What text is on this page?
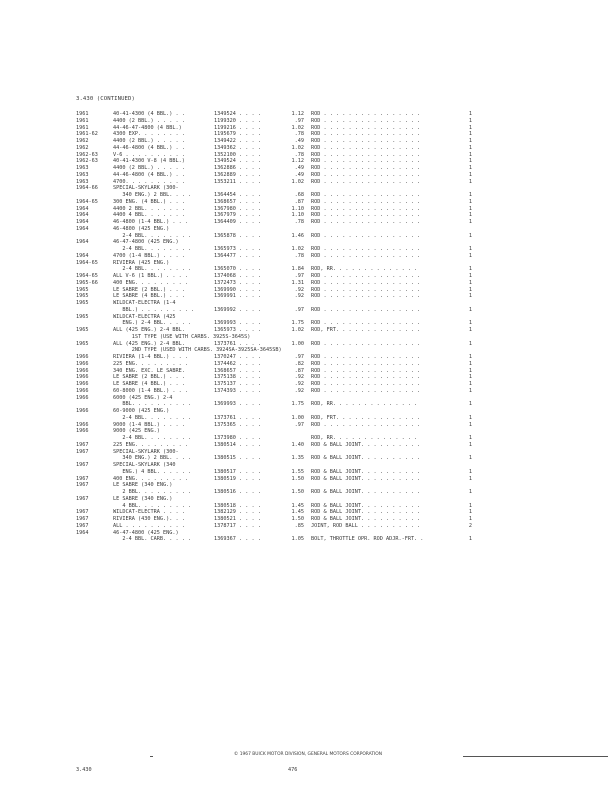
3.430 (CONTINUED)
1961	40-41-4300 (4 BBL.) . .	1349524 . . . .	1.12 ROD . . . . . . . . . . . . . . . .	1
1961	4400 (2 BBL.) . . . . .	1199320 . . . .	.97 ROD . . . . . . . . . . . . . . . .	1
1961	44-46-47-4800 (4 BBL.)	1199216 . . . .	1.02 ROD . . . . . . . . . . . . . . . .	1
1961-62	4300 EXP. . . . . . . .	1195679 . . . .	.78 ROD . . . . . . . . . . . . . . . .	1
1962	4400 (2 BBL.) . . . . .	1349422 . . . .	.49 ROD . . . . . . . . . . . . . . . .	1
1962	44-46-4800 (4 BBL.) . .	1349362 . . . .	1.02 ROD . . . . . . . . . . . . . . . .	1
1962-63	V-6 . . . . . . . . . .	1352100 . . . .	.78 ROD . . . . . . . . . . . . . . . .	1
1962-63	40-41-4300 V-8 (4 BBL.)	1349524 . . . .	1.12 ROD . . . . . . . . . . . . . . . .	1
1963	4400 (2 BBL.) . . . . .	1362886 . . . .	.49 ROD . . . . . . . . . . . . . . . .	1
1963	44-46-4800 (4 BBL.) . .	1362889 . . . .	.49 ROD . . . . . . . . . . . . . . . .	1
1963	4700. . . . . . . . . .	1353211 . . . .	1.02 ROD . . . . . . . . . . . . . . . .	1
1964-66	SPECIAL-SKYLARK (300-
340 ENG.) 2 BBL. . . .	1364454 . . . .	.68 ROD . . . . . . . . . . . . . . . .	1
1964-65	300 ENG. (4 BBL.) . . .	1368657 . . . .	.87 ROD . . . . . . . . . . . . . . . .	1
1964	4400 2 BBL. . . . . . .	1367980 . . . .	1.10 ROD . . . . . . . . . . . . . . . .	1
1964	4400 4 BBL. . . . . . .	1367979 . . . .	1.10 ROD . . . . . . . . . . . . . . . .	1
1964	46-4800 (1-4 BBL.) . . .	1364409 . . . .	.78 ROD . . . . . . . . . . . . . . . .	1
1964	46-4800 (425 ENG.)
2-4 BBL. . . . . . . .	1365878 . . . .	1.46 ROD . . . . . . . . . . . . . . . .	1
1964	46-47-4800 (425 ENG.)
2-4 BBL. . . . . . . .	1365973 . . . .	1.02 ROD . . . . . . . . . . . . . . . .	1
1964	4700 (1-4 BBL.) . . . .	1364477 . . . .	.78 ROD . . . . . . . . . . . . . . . .	1
1964-65	RIVIERA (425 ENG.)
2-4 BBL. . . . . . . .	1365070 . . . .	1.84 ROD, RR. . . . . . . . . . . . . .	1
1964-65	ALL V-6 (1 BBL.) . . . .	1374068 . . . .	.97 ROD . . . . . . . . . . . . . . . .	1
1965-66	400 ENG. . . . . . . . .	1372473 . . . .	1.31 ROD . . . . . . . . . . . . . . . .	1
1965	LE SABRE (2 BBL.) . . .	1369990 . . . .	.92 ROD . . . . . . . . . . . . . . . .	1
1965	LE SABRE (4 BBL.) . . .	1369991 . . . .	.92 ROD . . . . . . . . . . . . . . . .	1
1965	WILDCAT-ELECTRA (1-4
BBL.) . . . . . . . . .	1369992 . . . .	.97 ROD . . . . . . . . . . . . . . . .	1
1965	WILDCAT-ELECTRA (425
ENG.) 2-4 BBL. . . . .	1369993 . . . .	1.75 ROD . . . . . . . . . . . . . . . .	1
1965	ALL (425 ENG.) 2-4 BBL.	1365973 . . . .	1.02 ROD, FRT. . . . . . . . . . . . . .	1
1ST TYPE (USE WITH CARBS. 3925S-3645S)
1965	ALL (425 ENG.) 2-4 BBL.	1373761 . . . .	1.00 ROD . . . . . . . . . . . . . . . .	1
2ND TYPE (USED WITH CARBS. 3924SA-3925SA-3645SB)
1966	RIVIERA (1-4 BBL.) . . .	1370247 . . . .	.97 ROD . . . . . . . . . . . . . . . .	1
1966	225 ENG. . . . . . . . .	1374462 . . . .	.82 ROD . . . . . . . . . . . . . . . .	1
1966	340 ENG. EXC. LE SABRE.	1368657 . . . .	.87 ROD . . . . . . . . . . . . . . . .	1
1966	LE SABRE (2 BBL.) . . .	1375138 . . . .	.92 ROD . . . . . . . . . . . . . . . .	1
1966	LE SABRE (4 BBL.) . . .	1375137 . . . .	.92 ROD . . . . . . . . . . . . . . . .	1
1966	60-8000 (1-4 BBL.) . . .	1374393 . . . .	.92 ROD . . . . . . . . . . . . . . . .	1
1966	6000 (425 ENG.) 2-4
BBL. . . . . . . . . .	1369993 . . . .	1.75 ROD, RR. . . . . . . . . . . . . .	1
1966	60-9000 (425 ENG.)
2-4 BBL. . . . . . . .	1373761 . . . .	1.00 ROD, FRT. . . . . . . . . . . . . .	1
1966	9000 (1-4 BBL.) . . . .	1375365 . . . .	.97 ROD . . . . . . . . . . . . . . . .	1
1966	9000 (425 ENG.)
2-4 BBL. . . . . . . .	1373980 . . . .	ROD, RR. . . . . . . . . . . . . .	1
1967	225 ENG. . . . . . . . .	1380514 . . . .	1.40 ROD & BALL JOINT. . . . . . . . . .	1
1967	SPECIAL-SKYLARK (300-
340 ENG.) 2 BBL. . . .	1380515 . . . .	1.35 ROD & BALL JOINT. . . . . . . . . .	1
1967	SPECIAL-SKYLARK (340
ENG.) 4 BBL. . . . . .	1380517 . . . .	1.55 ROD & BALL JOINT. . . . . . . . . .	1
1967	400 ENG. . . . . . . . .	1380519 . . . .	1.50 ROD & BALL JOINT. . . . . . . . . .	1
1967	LE SABRE (340 ENG.)
2 BBL. . . . . . . . .	1380516 . . . .	1.50 ROD & BALL JOINT. . . . . . . . . .	1
1967	LE SABRE (340 ENG.)
4 BBL. . . . . . . . .	1380518 . . . .	1.45 ROD & BALL JOINT. . . . . . . . . .	1
1967	WILDCAT-ELECTRA . . . .	1382129 . . . .	1.45 ROD & BALL JOINT. . . . . . . . . .	1
1967	RIVIERA (430 ENG.). . .	1380521 . . . .	1.50 ROD & BALL JOINT. . . . . . . . . .	1
1967	ALL . . . . . . . . . .	1378717 . . . .	.85 JOINT, ROD BALL . . . . . . . . . .	2
1964	46-47-4800 (425 ENG.)
2-4 BBL. CARB. . . . .	1369367 . . . .	1.05 BOLT, THROTTLE OPR. ROD ADJR.-FRT. .	1
© 1967 BUICK MOTOR DIVISION, GENERAL MOTORS CORPORATION
3.430	476
